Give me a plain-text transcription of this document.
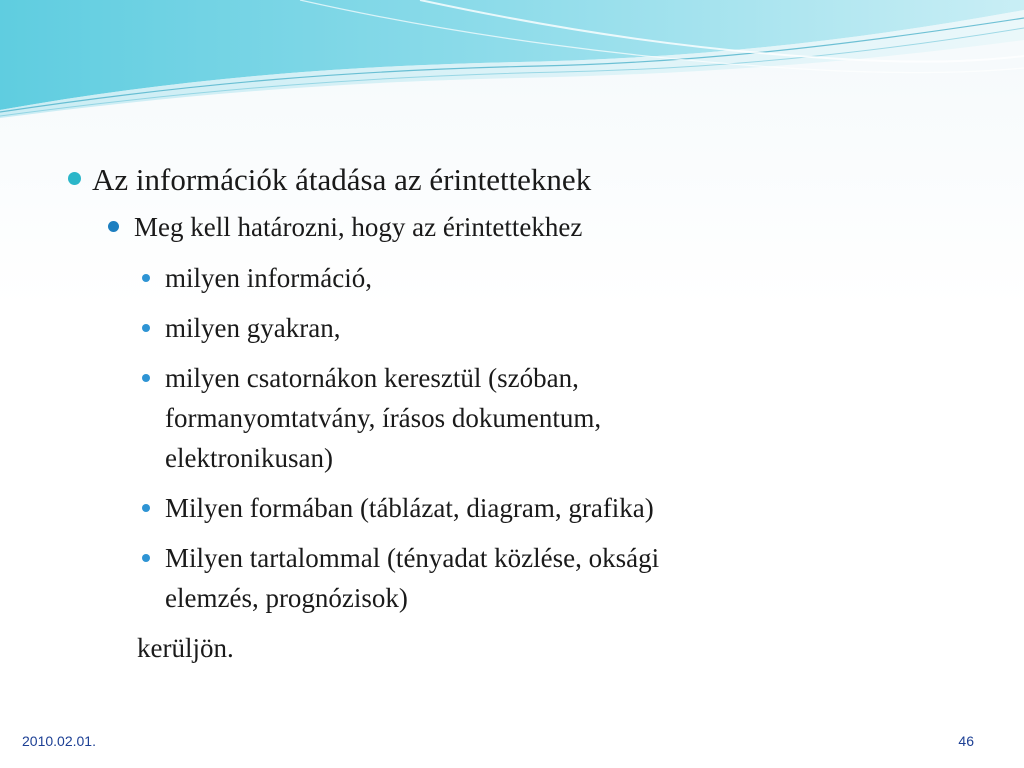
Az információk átadása az érintetteknek
Meg kell határozni, hogy az érintettekhez
milyen információ,
milyen gyakran,
milyen csatornákon keresztül (szóban,
formanyomtatvány, írásos dokumentum,
elektronikusan)
Milyen formában (táblázat, diagram, grafika)
Milyen tartalommal (tényadat közlése, oksági
elemzés, prognózisok)
kerüljön.
2010.02.01.	46
